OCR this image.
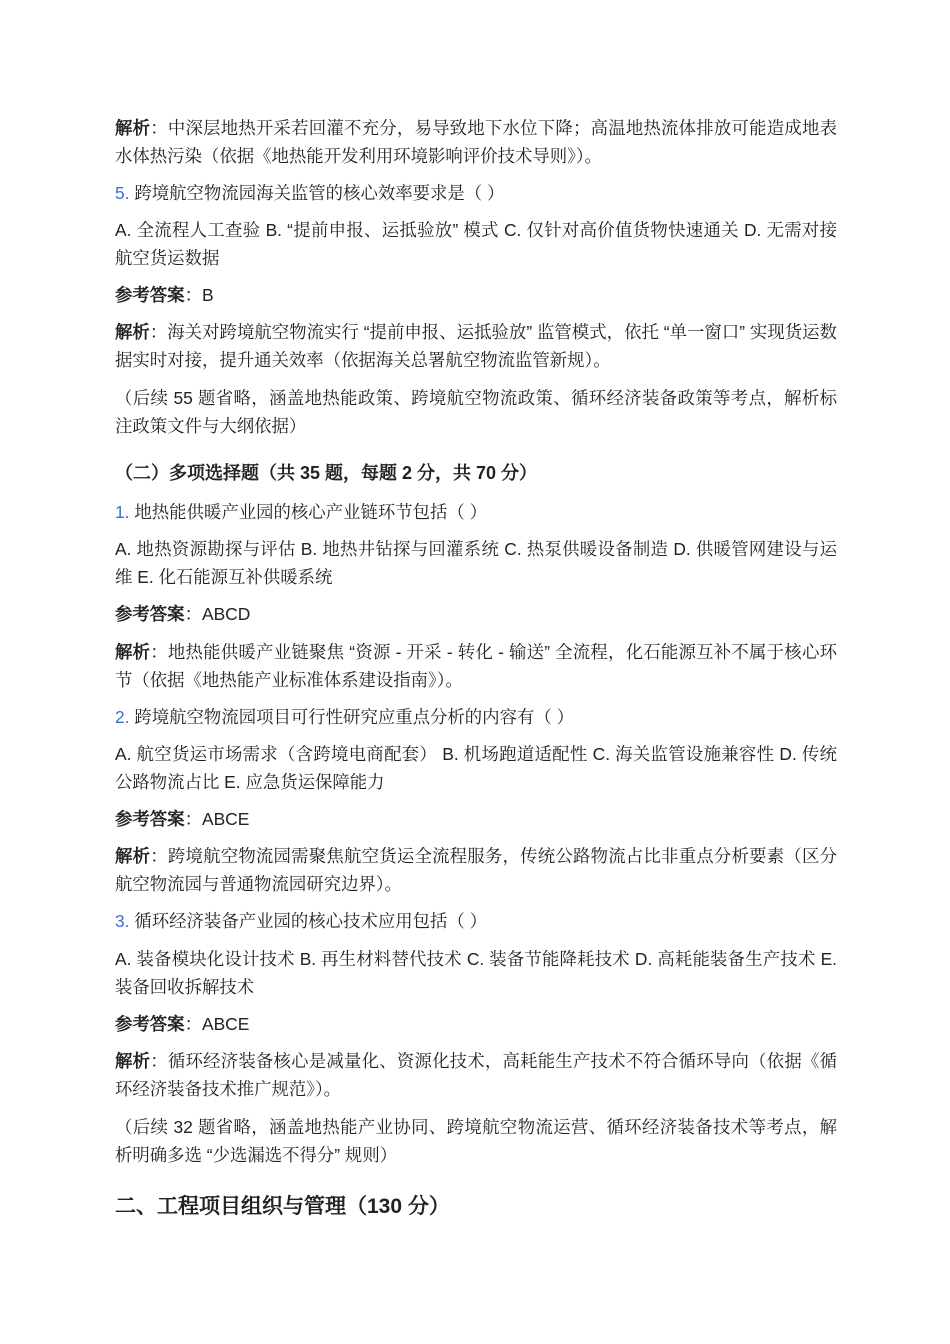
解析：中深层地热开采若回灌不充分，易导致地下水位下降；高温地热流体排放可能造成地表水体热污染（依据《地热能开发利用环境影响评价技术导则》）。
5. 跨境航空物流园海关监管的核心效率要求是（ ）
A. 全流程人工查验 B. “提前申报、运抵验放” 模式 C. 仅针对高价值货物快速通关 D. 无需对接航空货运数据
参考答案：B
解析：海关对跨境航空物流实行 “提前申报、运抵验放” 监管模式，依托 “单一窗口” 实现货运数据实时对接，提升通关效率（依据海关总署航空物流监管新规）。
（后续 55 题省略，涵盖地热能政策、跨境航空物流政策、循环经济装备政策等考点，解析标注政策文件与大纲依据）
（二）多项选择题（共 35 题，每题 2 分，共 70 分）
1. 地热能供暖产业园的核心产业链环节包括（ ）
A. 地热资源勘探与评估 B. 地热井钻探与回灌系统 C. 热泵供暖设备制造 D. 供暖管网建设与运维 E. 化石能源互补供暖系统
参考答案：ABCD
解析：地热能供暖产业链聚焦 “资源 - 开采 - 转化 - 输送” 全流程，化石能源互补不属于核心环节（依据《地热能产业标准体系建设指南》）。
2. 跨境航空物流园项目可行性研究应重点分析的内容有（ ）
A. 航空货运市场需求（含跨境电商配套） B. 机场跑道适配性 C. 海关监管设施兼容性 D. 传统公路物流占比 E. 应急货运保障能力
参考答案：ABCE
解析：跨境航空物流园需聚焦航空货运全流程服务，传统公路物流占比非重点分析要素（区分航空物流园与普通物流园研究边界）。
3. 循环经济装备产业园的核心技术应用包括（ ）
A. 装备模块化设计技术 B. 再生材料替代技术 C. 装备节能降耗技术 D. 高耗能装备生产技术 E. 装备回收拆解技术
参考答案：ABCE
解析：循环经济装备核心是减量化、资源化技术，高耗能生产技术不符合循环导向（依据《循环经济装备技术推广规范》）。
（后续 32 题省略，涵盖地热能产业协同、跨境航空物流运营、循环经济装备技术等考点，解析明确多选 “少选漏选不得分” 规则）
二、工程项目组织与管理（130 分）
